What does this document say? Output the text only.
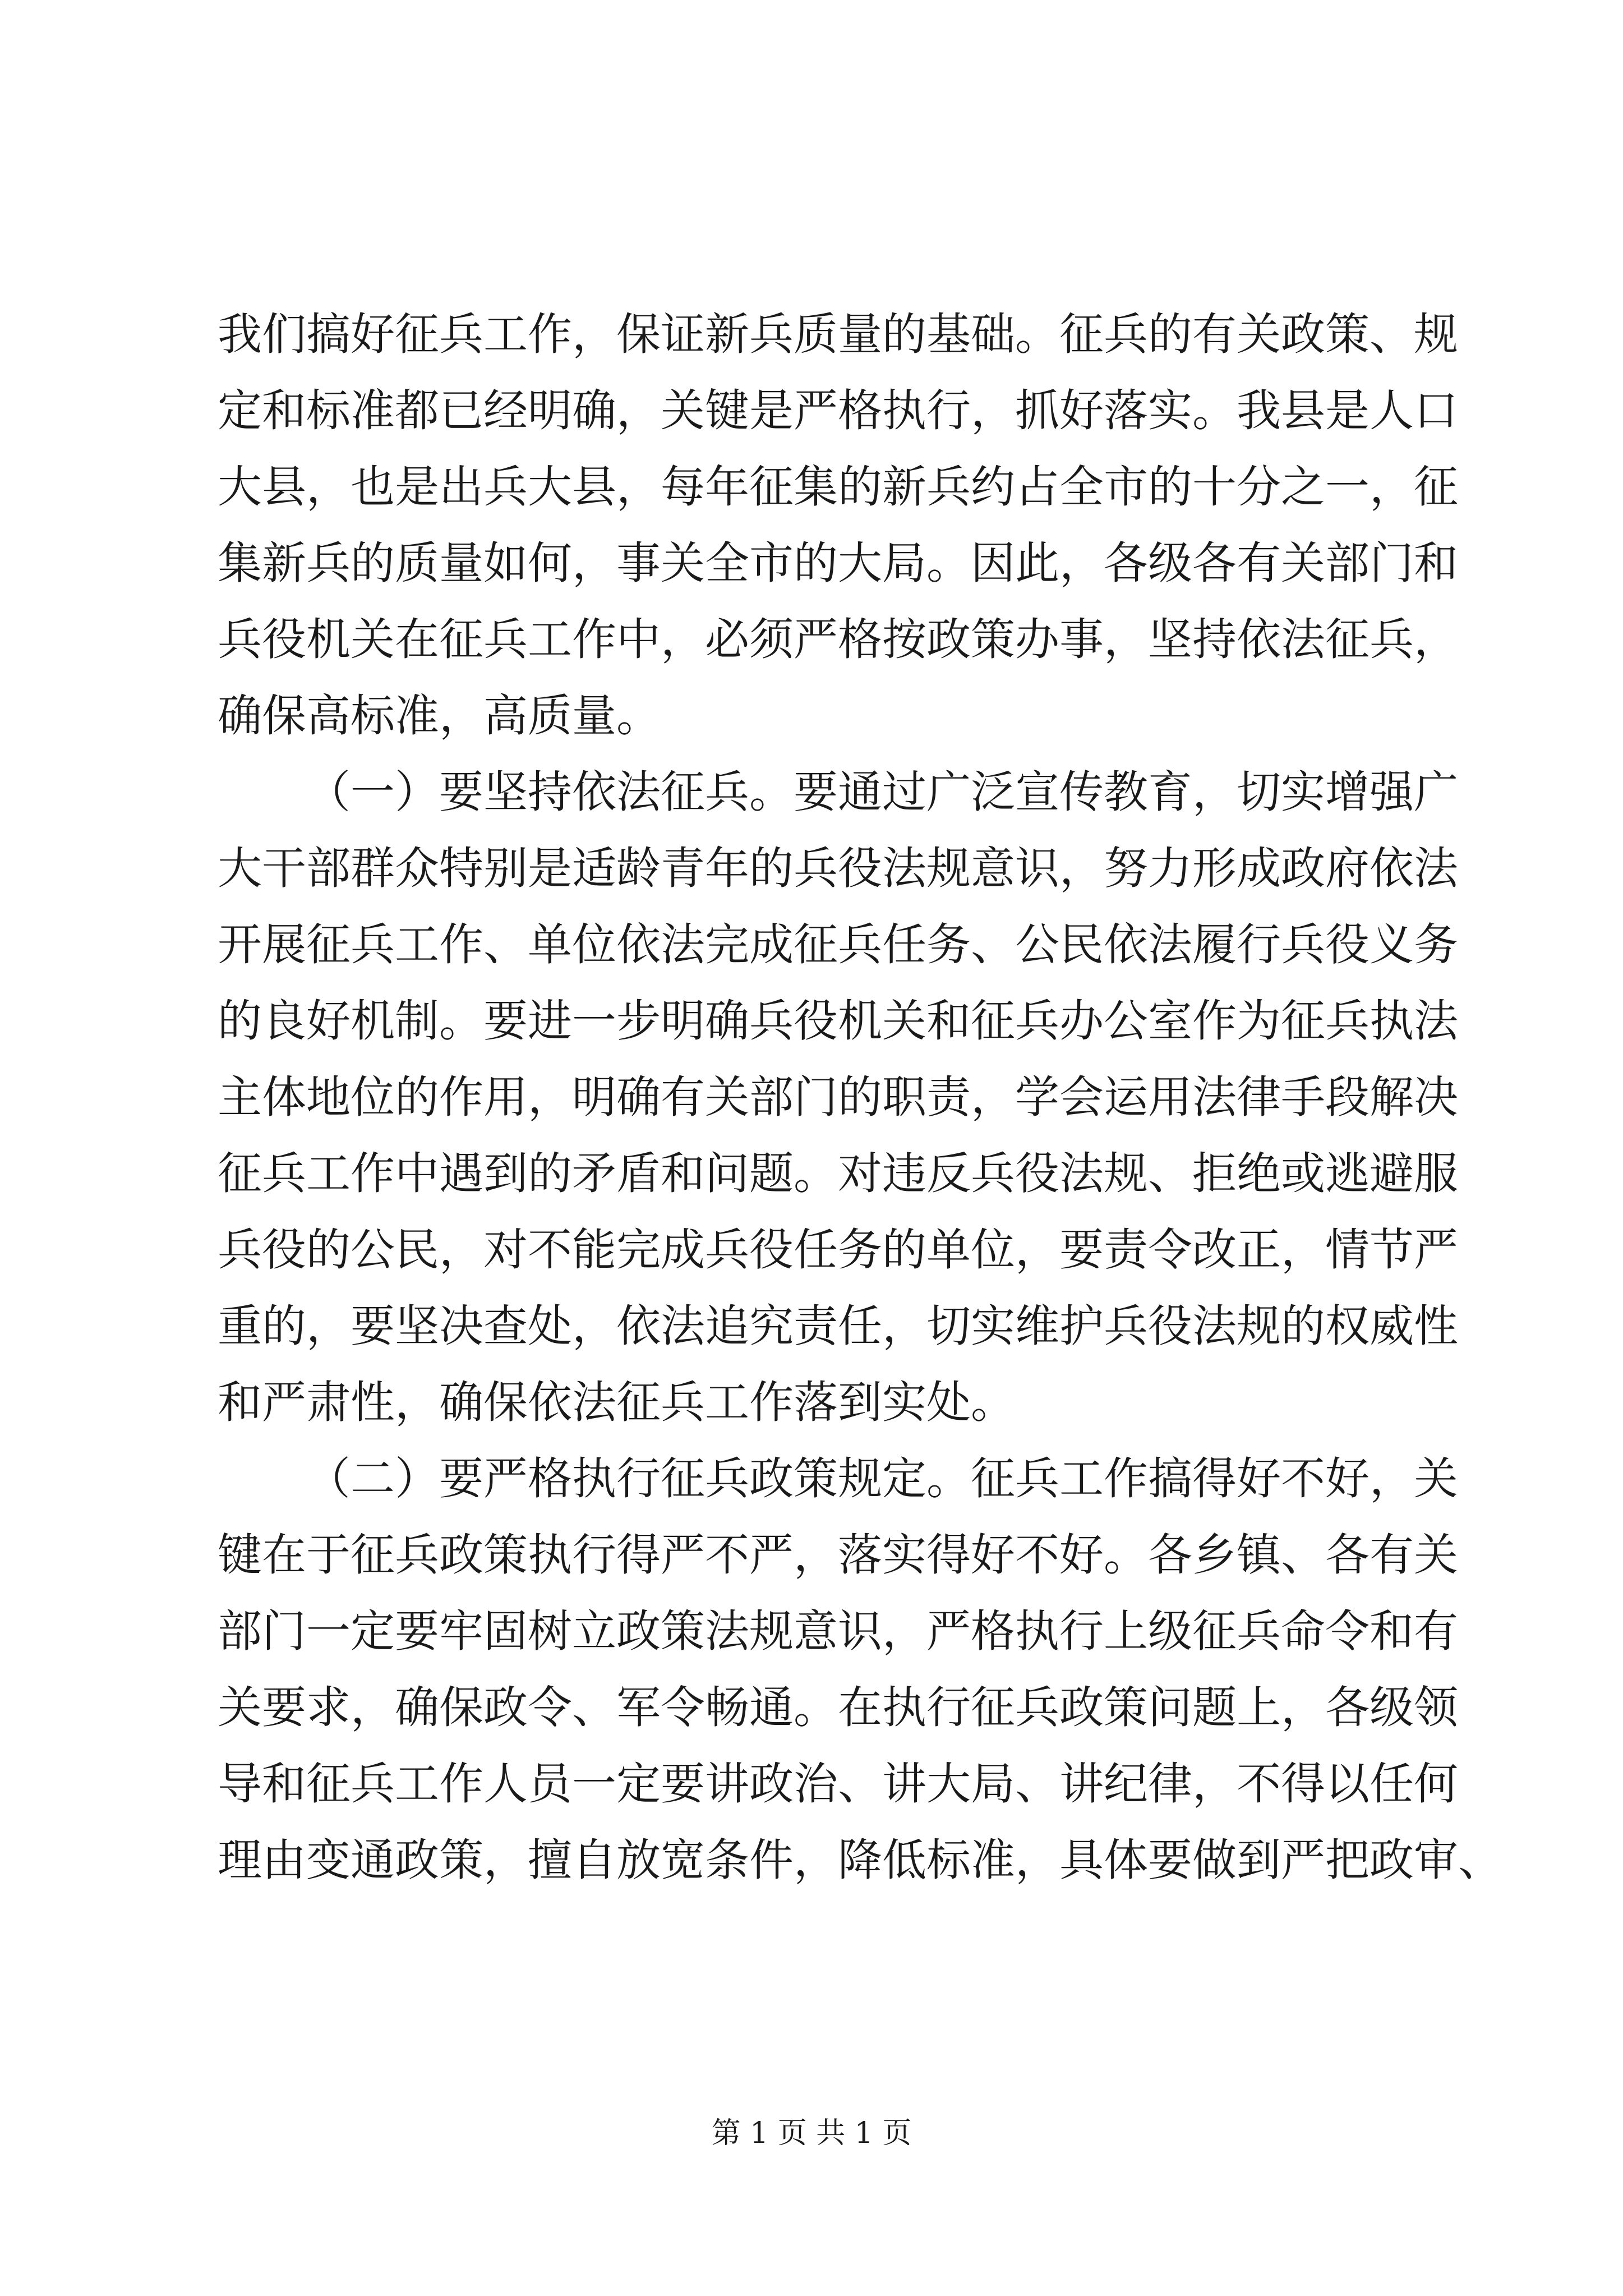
我们搞好征兵工作，保证新兵质量的基础。征兵的有关政策、规
定和标准都已经明确，关键是严格执行，抓好落实。我县是人口
大县，也是出兵大县，每年征集的新兵约占全市的十分之一，征
集新兵的质量如何，事关全市的大局。因此，各级各有关部门和
兵役机关在征兵工作中，必须严格按政策办事，坚持依法征兵，
确保高标准，高质量。
（一）要坚持依法征兵。要通过广泛宣传教育，切实增强广
大干部群众特别是适龄青年的兵役法规意识，努力形成政府依法
开展征兵工作、单位依法完成征兵任务、公民依法履行兵役义务
的良好机制。要进一步明确兵役机关和征兵办公室作为征兵执法
主体地位的作用，明确有关部门的职责，学会运用法律手段解决
征兵工作中遇到的矛盾和问题。对违反兵役法规、拒绝或逃避服
兵役的公民，对不能完成兵役任务的单位，要责令改正，情节严
重的，要坚决查处，依法追究责任，切实维护兵役法规的权威性
和严肃性，确保依法征兵工作落到实处。
（二）要严格执行征兵政策规定。征兵工作搞得好不好，关
键在于征兵政策执行得严不严，落实得好不好。各乡镇、各有关
部门一定要牢固树立政策法规意识，严格执行上级征兵命令和有
关要求，确保政令、军令畅通。在执行征兵政策问题上，各级领
导和征兵工作人员一定要讲政治、讲大局、讲纪律，不得以任何
理由变通政策，擅自放宽条件，降低标准，具体要做到严把政审、
第 1 页 共 1 页
